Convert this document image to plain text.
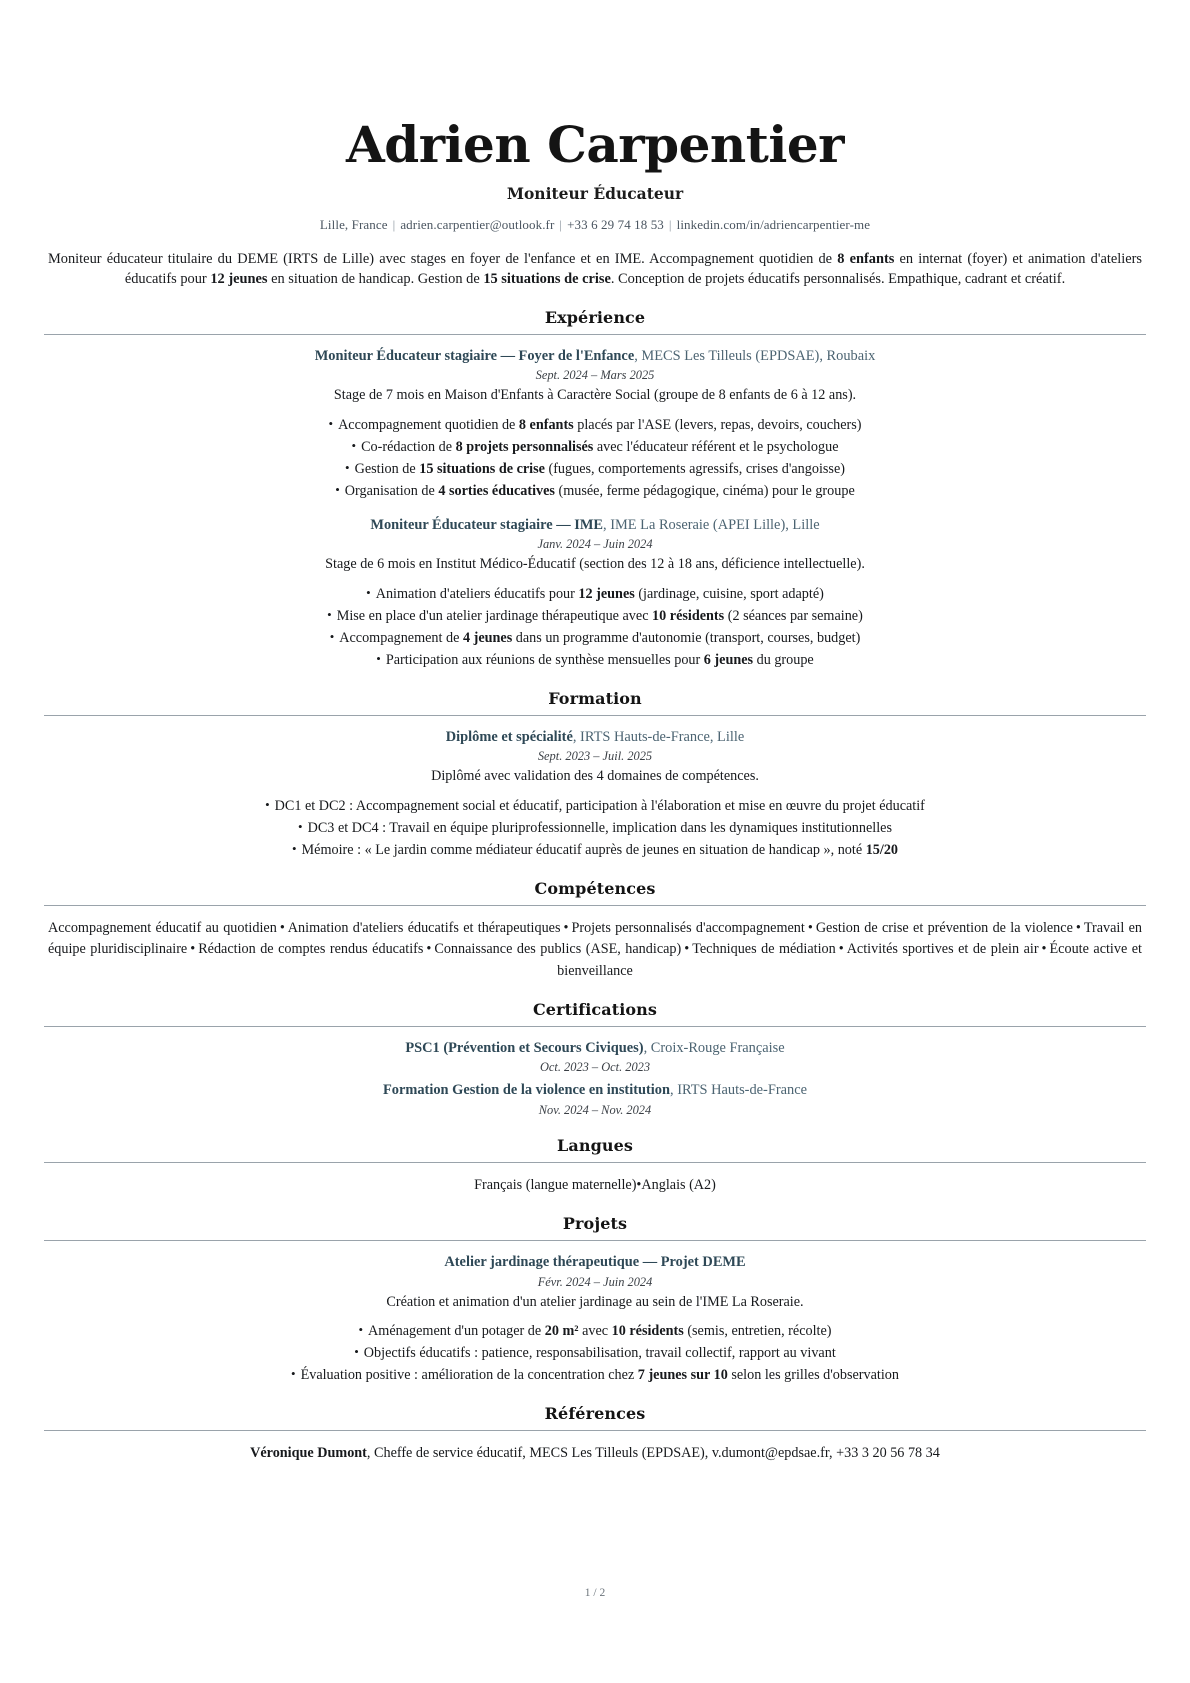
Adrien Carpentier
Moniteur Éducateur
Lille, France | adrien.carpentier@outlook.fr | +33 6 29 74 18 53 | linkedin.com/in/adriencarpentier-me

Moniteur éducateur titulaire du DEME (IRTS de Lille) avec stages en foyer de l'enfance et en IME. Accompagnement quotidien de 8 enfants en internat (foyer) et animation d'ateliers éducatifs pour 12 jeunes en situation de handicap. Gestion de 15 situations de crise. Conception de projets éducatifs personnalisés. Empathique, cadrant et créatif.

Expérience
Moniteur Éducateur stagiaire — Foyer de l'Enfance, MECS Les Tilleuls (EPDSAE), Roubaix
Sept. 2024 – Mars 2025
Stage de 7 mois en Maison d'Enfants à Caractère Social (groupe de 8 enfants de 6 à 12 ans).
• Accompagnement quotidien de 8 enfants placés par l'ASE (levers, repas, devoirs, couchers)
• Co-rédaction de 8 projets personnalisés avec l'éducateur référent et le psychologue
• Gestion de 15 situations de crise (fugues, comportements agressifs, crises d'angoisse)
• Organisation de 4 sorties éducatives (musée, ferme pédagogique, cinéma) pour le groupe
Moniteur Éducateur stagiaire — IME, IME La Roseraie (APEI Lille), Lille
Janv. 2024 – Juin 2024
Stage de 6 mois en Institut Médico-Éducatif (section des 12 à 18 ans, déficience intellectuelle).
• Animation d'ateliers éducatifs pour 12 jeunes (jardinage, cuisine, sport adapté)
• Mise en place d'un atelier jardinage thérapeutique avec 10 résidents (2 séances par semaine)
• Accompagnement de 4 jeunes dans un programme d'autonomie (transport, courses, budget)
• Participation aux réunions de synthèse mensuelles pour 6 jeunes du groupe
Formation
Diplôme et spécialité, IRTS Hauts-de-France, Lille
Sept. 2023 – Juil. 2025
Diplômé avec validation des 4 domaines de compétences.
• DC1 et DC2 : Accompagnement social et éducatif, participation à l'élaboration et mise en œuvre du projet éducatif
• DC3 et DC4 : Travail en équipe pluriprofessionnelle, implication dans les dynamiques institutionnelles
• Mémoire : « Le jardin comme médiateur éducatif auprès de jeunes en situation de handicap », noté 15/20
Compétences

Accompagnement éducatif au quotidien • Animation d'ateliers éducatifs et thérapeutiques • Projets personnalisés d'accompagnement • Gestion de crise et prévention de la violence • Travail en équipe pluridisciplinaire • Rédaction de comptes rendus éducatifs • Connaissance des publics (ASE, handicap) • Techniques de médiation • Activités sportives et de plein air • Écoute active et bienveillance

Certifications
PSC1 (Prévention et Secours Civiques), Croix-Rouge Française
Oct. 2023 – Oct. 2023
Formation Gestion de la violence en institution, IRTS Hauts-de-France
Nov. 2024 – Nov. 2024
Langues

Français (langue maternelle)•Anglais (A2)

Projets
Atelier jardinage thérapeutique — Projet DEME
Févr. 2024 – Juin 2024
Création et animation d'un atelier jardinage au sein de l'IME La Roseraie.
• Aménagement d'un potager de 20 m² avec 10 résidents (semis, entretien, récolte)
• Objectifs éducatifs : patience, responsabilisation, travail collectif, rapport au vivant
• Évaluation positive : amélioration de la concentration chez 7 jeunes sur 10 selon les grilles d'observation
Références

Véronique Dumont, Cheffe de service éducatif, MECS Les Tilleuls (EPDSAE), v.dumont@epdsae.fr, +33 3 20 56 78 34

1 / 2
